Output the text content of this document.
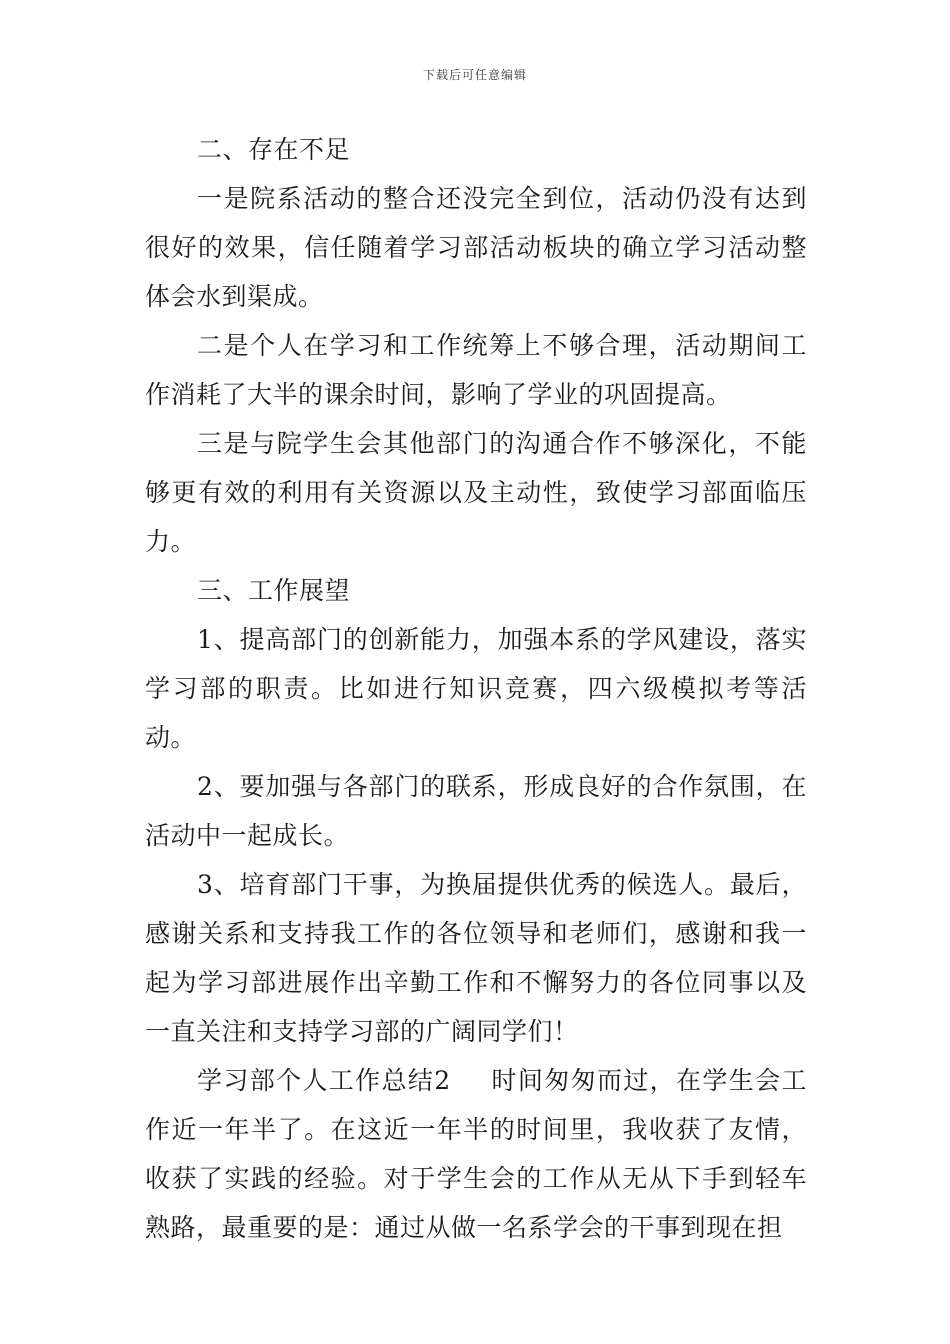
下载后可任意编辑

二、存在不足

一是院系活动的整合还没完全到位，活动仍没有达到很好的效果，信任随着学习部活动板块的确立学习活动整体会水到渠成。

二是个人在学习和工作统筹上不够合理，活动期间工作消耗了大半的课余时间，影响了学业的巩固提高。

三是与院学生会其他部门的沟通合作不够深化，不能够更有效的利用有关资源以及主动性，致使学习部面临压力。

三、工作展望

1、提高部门的创新能力，加强本系的学风建设，落实学习部的职责。比如进行知识竞赛，四六级模拟考等活动。

2、要加强与各部门的联系，形成良好的合作氛围，在活动中一起成长。

3、培育部门干事，为换届提供优秀的候选人。最后，感谢关系和支持我工作的各位领导和老师们，感谢和我一起为学习部进展作出辛勤工作和不懈努力的各位同事以及一直关注和支持学习部的广阔同学们！

学习部个人工作总结2 时间匆匆而过，在学生会工作近一年半了。在这近一年半的时间里，我收获了友情，收获了实践的经验。对于学生会的工作从无从下手到轻车熟路，最重要的是：通过从做一名系学会的干事到现在担
